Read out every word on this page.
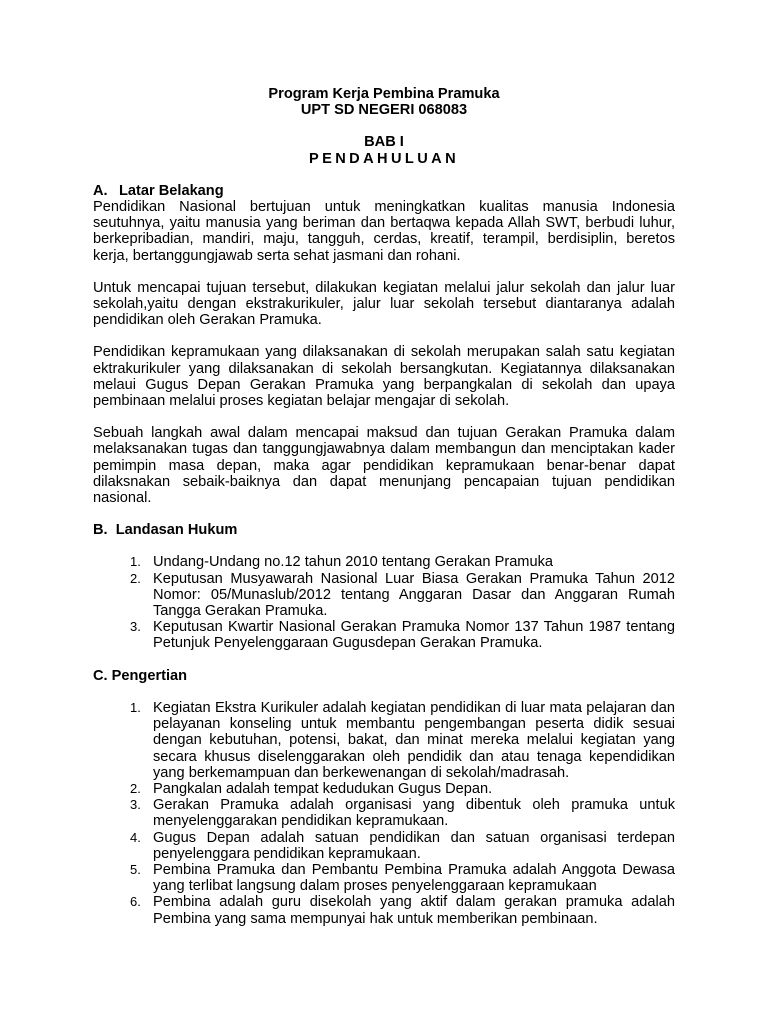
Program Kerja Pembina Pramuka
UPT SD NEGERI 068083
BAB I
PENDAHULUAN
A. Latar Belakang

Pendidikan Nasional bertujuan untuk meningkatkan kualitas manusia Indonesia seutuhnya, yaitu manusia yang beriman dan bertaqwa kepada Allah SWT, berbudi luhur, berkepribadian, mandiri, maju, tangguh, cerdas, kreatif, terampil, berdisiplin, beretos kerja, bertanggungjawab serta sehat jasmani dan rohani.

Untuk mencapai tujuan tersebut, dilakukan kegiatan melalui jalur sekolah dan jalur luar sekolah,yaitu dengan ekstrakurikuler, jalur luar sekolah tersebut diantaranya adalah pendidikan oleh Gerakan Pramuka.

Pendidikan kepramukaan yang dilaksanakan di sekolah merupakan salah satu kegiatan ektrakurikuler yang dilaksanakan di sekolah bersangkutan. Kegiatannya dilaksanakan melaui Gugus Depan Gerakan Pramuka yang berpangkalan di sekolah dan upaya pembinaan melalui proses kegiatan belajar mengajar di sekolah.

Sebuah langkah awal dalam mencapai maksud dan tujuan Gerakan Pramuka dalam melaksanakan tugas dan tanggungjawabnya dalam membangun dan menciptakan kader pemimpin masa depan, maka agar pendidikan kepramukaan benar-benar dapat dilaksnakan sebaik-baiknya dan dapat menunjang pencapaian tujuan pendidikan nasional.

B. Landasan Hukum
1. Undang-Undang no.12 tahun 2010 tentang Gerakan Pramuka
2. Keputusan Musyawarah Nasional Luar Biasa Gerakan Pramuka Tahun 2012 Nomor: 05/Munaslub/2012 tentang Anggaran Dasar dan Anggaran Rumah Tangga Gerakan Pramuka.
3. Keputusan Kwartir Nasional Gerakan Pramuka Nomor 137 Tahun 1987 tentang Petunjuk Penyelenggaraan Gugusdepan Gerakan Pramuka.
C. Pengertian
1. Kegiatan Ekstra Kurikuler adalah kegiatan pendidikan di luar mata pelajaran dan pelayanan konseling untuk membantu pengembangan peserta didik sesuai dengan kebutuhan, potensi, bakat, dan minat mereka melalui kegiatan yang secara khusus diselenggarakan oleh pendidik dan atau tenaga kependidikan yang berkemampuan dan berkewenangan di sekolah/madrasah.
2. Pangkalan adalah tempat kedudukan Gugus Depan.
3. Gerakan Pramuka adalah organisasi yang dibentuk oleh pramuka untuk menyelenggarakan pendidikan kepramukaan.
4. Gugus Depan adalah satuan pendidikan dan satuan organisasi terdepan penyelenggara pendidikan kepramukaan.
5. Pembina Pramuka dan Pembantu Pembina Pramuka adalah Anggota Dewasa yang terlibat langsung dalam proses penyelenggaraan kepramukaan
6. Pembina adalah guru disekolah yang aktif dalam gerakan pramuka adalah Pembina yang sama mempunyai hak untuk memberikan pembinaan.
